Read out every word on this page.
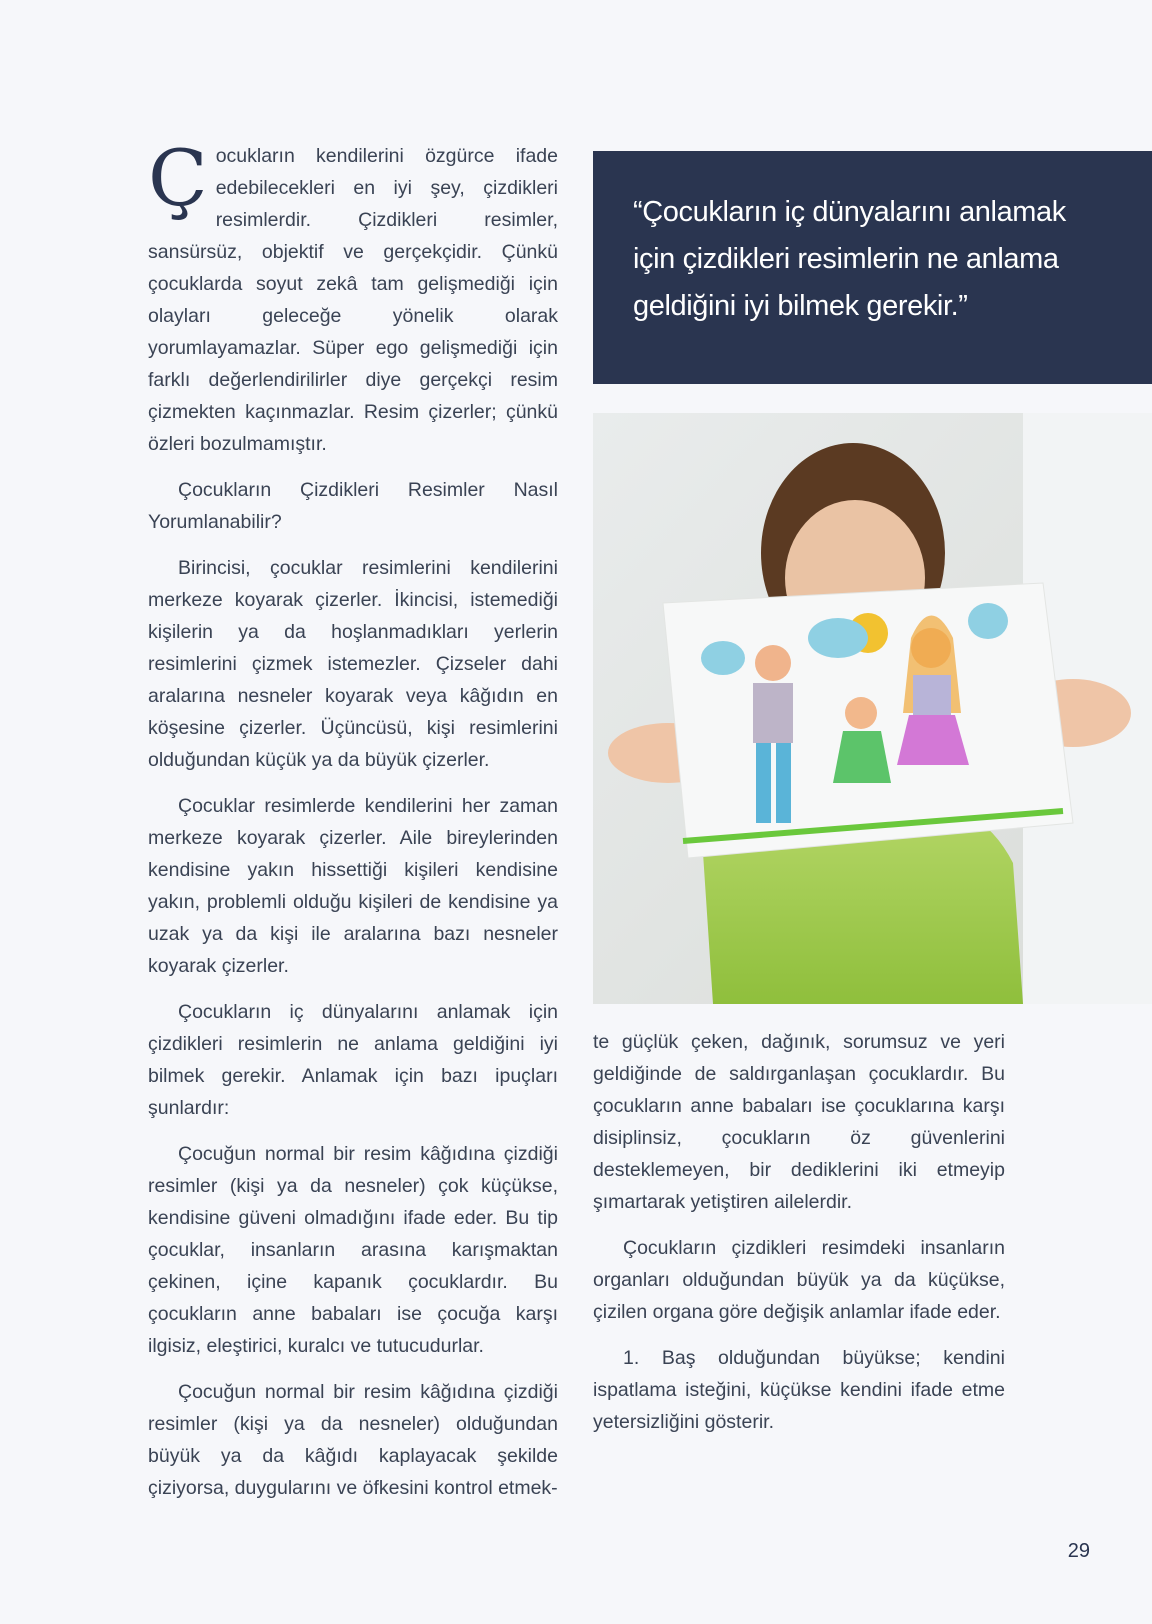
Çocukların kendilerini özgürce ifade edebilecekleri en iyi şey, çizdikleri resimlerdir. Çizdikleri resimler, sansürsüz, objektif ve gerçekçidir. Çünkü çocuklarda soyut zekâ tam gelişmediği için olayları geleceğe yönelik olarak yorumlayamazlar. Süper ego gelişmediği için farklı değerlendirilirler diye gerçekçi resim çizmekten kaçınmazlar. Resim çizerler; çünkü özleri bozulmamıştır.

Çocukların Çizdikleri Resimler Nasıl Yorumlanabilir?

Birincisi, çocuklar resimlerini kendilerini merkeze koyarak çizerler. İkincisi, istemediği kişilerin ya da hoşlanmadıkları yerlerin resimlerini çizmek istemezler. Çizseler dahi aralarına nesneler koyarak veya kâğıdın en köşesine çizerler. Üçüncüsü, kişi resimlerini olduğundan küçük ya da büyük çizerler.

Çocuklar resimlerde kendilerini her zaman merkeze koyarak çizerler. Aile bireylerinden kendisine yakın hissettiği kişileri kendisine yakın, problemli olduğu kişileri de kendisine ya uzak ya da kişi ile aralarına bazı nesneler koyarak çizerler.

Çocukların iç dünyalarını anlamak için çizdikleri resimlerin ne anlama geldiğini iyi bilmek gerekir. Anlamak için bazı ipuçları şunlardır:

Çocuğun normal bir resim kâğıdına çizdiği resimler (kişi ya da nesneler) çok küçükse, kendisine güveni olmadığını ifade eder. Bu tip çocuklar, insanların arasına karışmaktan çekinen, içine kapanık çocuklardır. Bu çocukların anne babaları ise çocuğa karşı ilgisiz, eleştirici, kuralcı ve tutucudurlar.

Çocuğun normal bir resim kâğıdına çizdiği resimler (kişi ya da nesneler) olduğundan büyük ya da kâğıdı kaplayacak şekilde çiziyorsa, duygularını ve öfkesini kontrol etmek-

“Çocukların iç dünyalarını anlamak için çizdikleri resimlerin ne anlama geldiğini iyi bilmek gerekir.”

te güçlük çeken, dağınık, sorumsuz ve yeri geldiğinde de saldırganlaşan çocuklardır. Bu çocukların anne babaları ise çocuklarına karşı disiplinsiz, çocukların öz güvenlerini desteklemeyen, bir dediklerini iki etmeyip şımartarak yetiştiren ailelerdir.

Çocukların çizdikleri resimdeki insanların organları olduğundan büyük ya da küçükse, çizilen organa göre değişik anlamlar ifade eder.

1. Baş olduğundan büyükse; kendini ispatlama isteğini, küçükse kendini ifade etme yetersizliğini gösterir.

29
